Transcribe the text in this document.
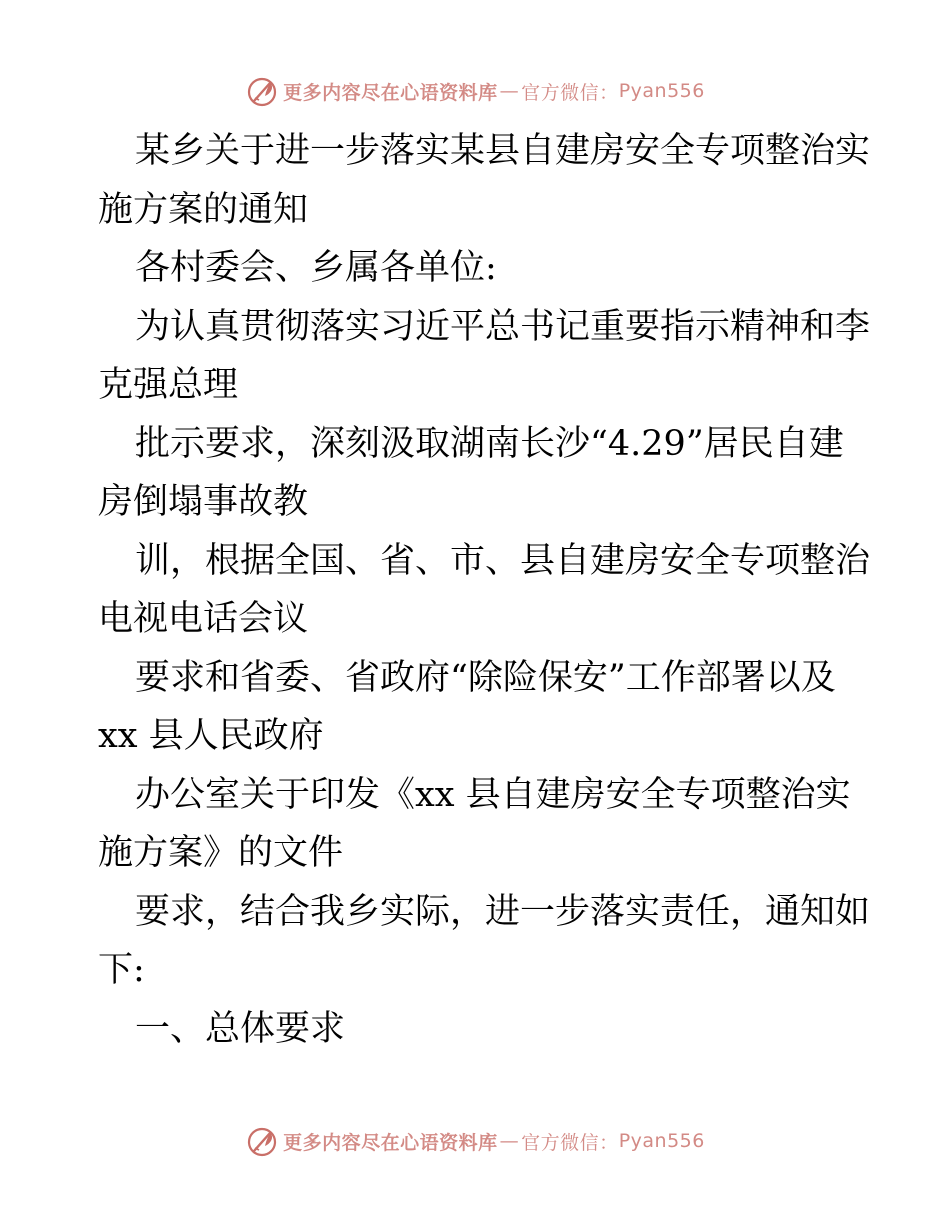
更多内容尽在心语资料库 — 官方微信： Pyan556
某乡关于进一步落实某县自建房安全专项整治实
施方案的通知
各村委会、乡属各单位:
为认真贯彻落实习近平总书记重要指示精神和李
克强总理
批示要求，深刻汲取湖南长沙“4.29”居民自建
房倒塌事故教
训，根据全国、省、市、县自建房安全专项整治
电视电话会议
要求和省委、省政府“除险保安”工作部署以及
xx 县人民政府
办公室关于印发《xx 县自建房安全专项整治实
施方案》的文件
要求，结合我乡实际，进一步落实责任，通知如
下:
一、总体要求
更多内容尽在心语资料库 — 官方微信： Pyan556
